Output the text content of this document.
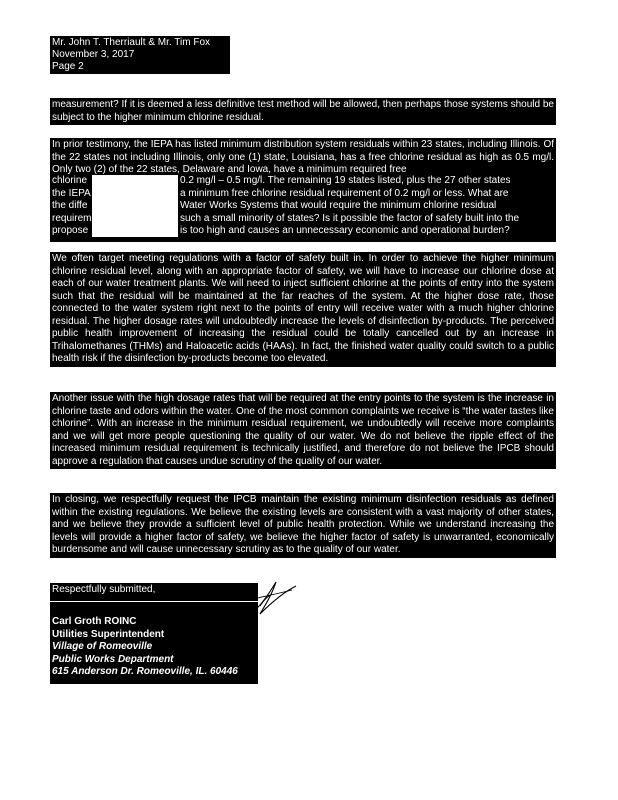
Mr. John T. Therriault & Mr. Tim Fox
November 3, 2017
Page 2

measurement? If it is deemed a less definitive test method will be allowed, then perhaps those systems should be subject to the higher minimum chlorine residual.

In prior testimony, the IEPA has listed minimum distribution system residuals within 23 states, including Illinois. Of the 22 states not including Illinois, only one (1) state, Louisiana, has a free chlorine residual as high as 0.5 mg/l. Only two (2) of the 22 states, Delaware and Iowa, have a minimum required free

chlorine
the IEPA
the diffe
requirem
propose
0.2 mg/l – 0.5 mg/l. The remaining 19 states listed, plus the 27 other states
a minimum free chlorine residual requirement of 0.2 mg/l or less. What are
Water Works Systems that would require the minimum chlorine residual
such a small minority of states? Is it possible the factor of safety built into the
is too high and causes an unnecessary economic and operational burden?

We often target meeting regulations with a factor of safety built in. In order to achieve the higher minimum chlorine residual level, along with an appropriate factor of safety, we will have to increase our chlorine dose at each of our water treatment plants. We will need to inject sufficient chlorine at the points of entry into the system such that the residual will be maintained at the far reaches of the system. At the higher dose rate, those connected to the water system right next to the points of entry will receive water with a much higher chlorine residual. The higher dosage rates will undoubtedly increase the levels of disinfection by-products. The perceived public health improvement of increasing the residual could be totally cancelled out by an increase in Trihalomethanes (THMs) and Haloacetic acids (HAAs). In fact, the finished water quality could switch to a public health risk if the disinfection by-products become too elevated.

Another issue with the high dosage rates that will be required at the entry points to the system is the increase in chlorine taste and odors within the water. One of the most common complaints we receive is “the water tastes like chlorine”. With an increase in the minimum residual requirement, we undoubtedly will receive more complaints and we will get more people questioning the quality of our water. We do not believe the ripple effect of the increased minimum residual requirement is technically justified, and therefore do not believe the IPCB should approve a regulation that causes undue scrutiny of the quality of our water.

In closing, we respectfully request the IPCB maintain the existing minimum disinfection residuals as defined within the existing regulations. We believe the existing levels are consistent with a vast majority of other states, and we believe they provide a sufficient level of public health protection. While we understand increasing the levels will provide a higher factor of safety, we believe the higher factor of safety is unwarranted, economically burdensome and will cause unnecessary scrutiny as to the quality of our water.

Respectfully submitted,
Carl Groth ROINC
Utilities Superintendent
Village of Romeoville
Public Works Department
615 Anderson Dr. Romeoville, IL. 60446
